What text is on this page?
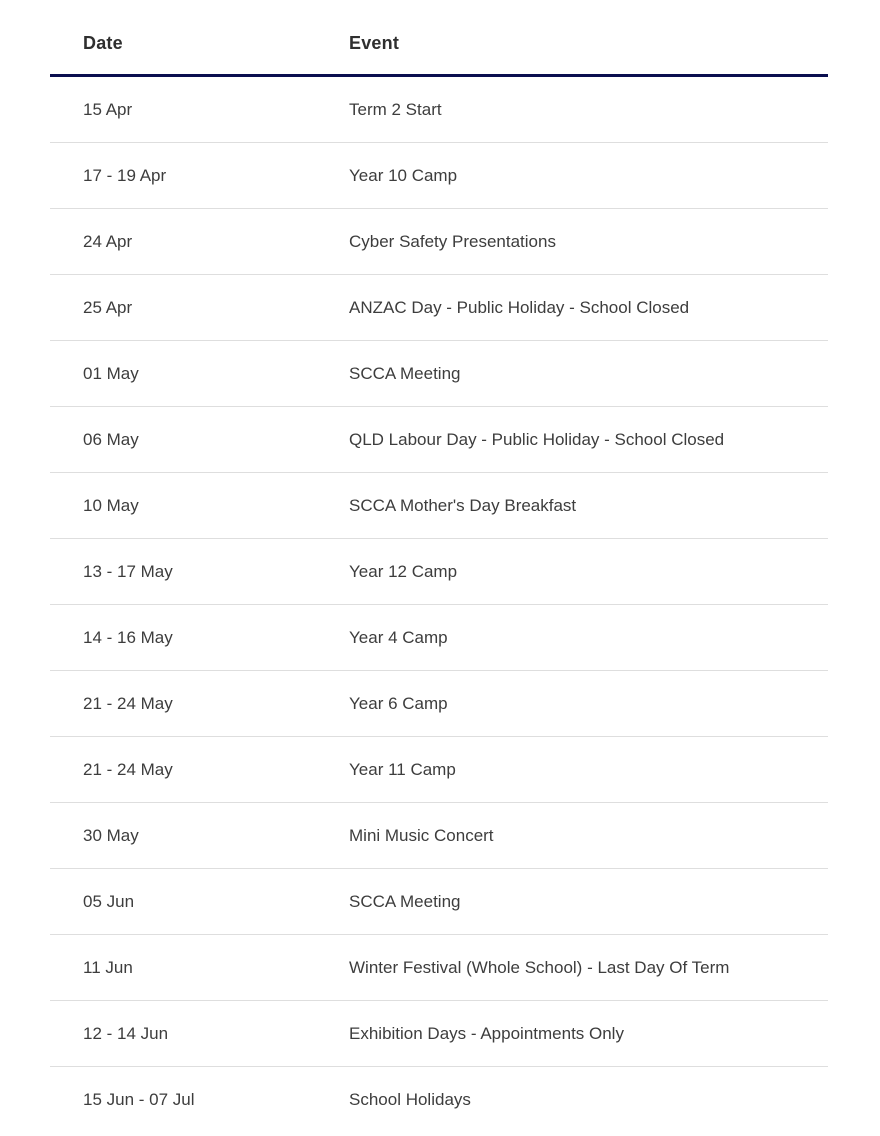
Date	Event
15 Apr	Term 2 Start
17 - 19 Apr	Year 10 Camp
24 Apr	Cyber Safety Presentations
25 Apr	ANZAC Day - Public Holiday - School Closed
01 May	SCCA Meeting
06 May	QLD Labour Day - Public Holiday - School Closed
10 May	SCCA Mother's Day Breakfast
13 - 17 May	Year 12 Camp
14 - 16 May	Year 4 Camp
21 - 24 May	Year 6 Camp
21 - 24 May	Year 11 Camp
30 May	Mini Music Concert
05 Jun	SCCA Meeting
11 Jun	Winter Festival (Whole School) - Last Day Of Term
12 - 14 Jun	Exhibition Days - Appointments Only
15 Jun - 07 Jul	School Holidays
